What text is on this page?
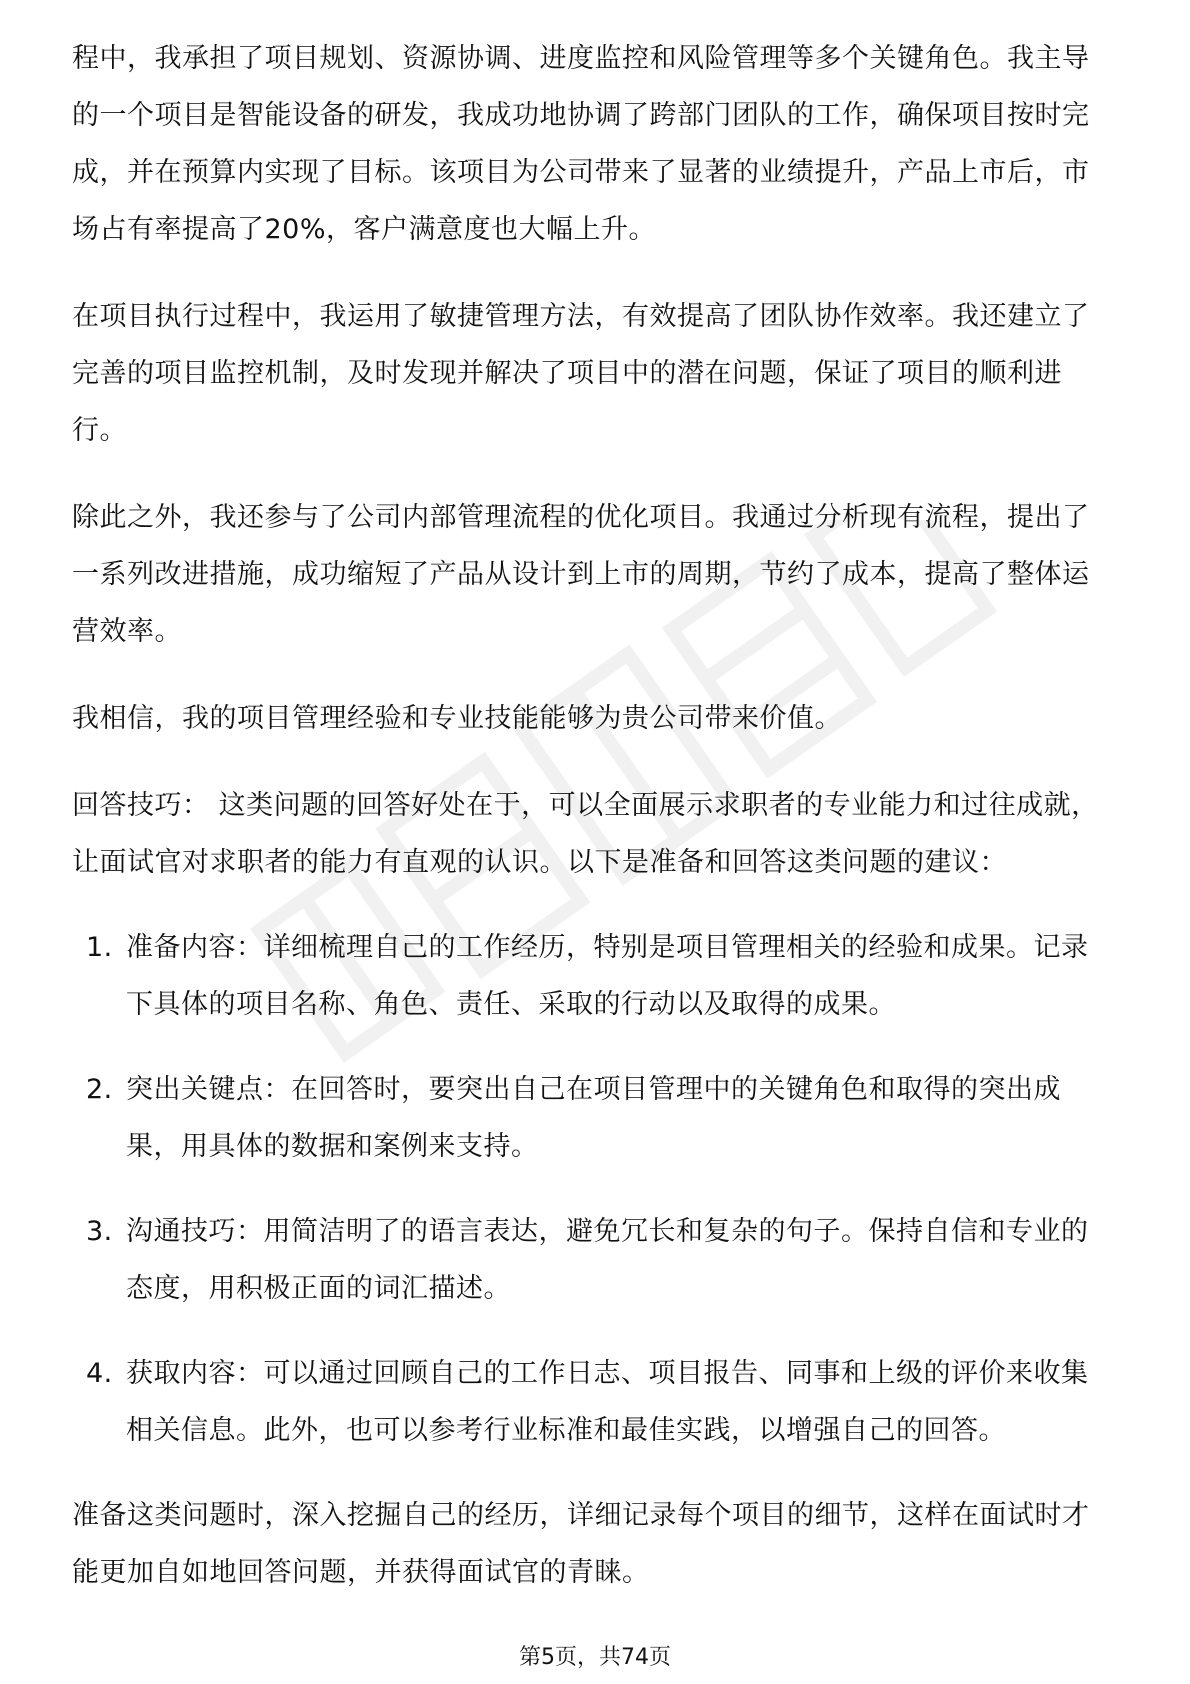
程中，我承担了项目规划、资源协调、进度监控和风险管理等多个关键角色。我主导的一个项目是智能设备的研发，我成功地协调了跨部门团队的工作，确保项目按时完成，并在预算内实现了目标。该项目为公司带来了显著的业绩提升，产品上市后，市场占有率提高了20%，客户满意度也大幅上升。

在项目执行过程中，我运用了敏捷管理方法，有效提高了团队协作效率。我还建立了完善的项目监控机制，及时发现并解决了项目中的潜在问题，保证了项目的顺利进行。

除此之外，我还参与了公司内部管理流程的优化项目。我通过分析现有流程，提出了一系列改进措施，成功缩短了产品从设计到上市的周期，节约了成本，提高了整体运营效率。

我相信，我的项目管理经验和专业技能能够为贵公司带来价值。

回答技巧： 这类问题的回答好处在于，可以全面展示求职者的专业能力和过往成就，让面试官对求职者的能力有直观的认识。以下是准备和回答这类问题的建议：

1. 准备内容：详细梳理自己的工作经历，特别是项目管理相关的经验和成果。记录下具体的项目名称、角色、责任、采取的行动以及取得的成果。
2. 突出关键点：在回答时，要突出自己在项目管理中的关键角色和取得的突出成果，用具体的数据和案例来支持。
3. 沟通技巧：用简洁明了的语言表达，避免冗长和复杂的句子。保持自信和专业的态度，用积极正面的词汇描述。
4. 获取内容：可以通过回顾自己的工作日志、项目报告、同事和上级的评价来收集相关信息。此外，也可以参考行业标准和最佳实践，以增强自己的回答。

准备这类问题时，深入挖掘自己的经历，详细记录每个项目的细节，这样在面试时才能更加自如地回答问题，并获得面试官的青睐。

第5页，共74页
